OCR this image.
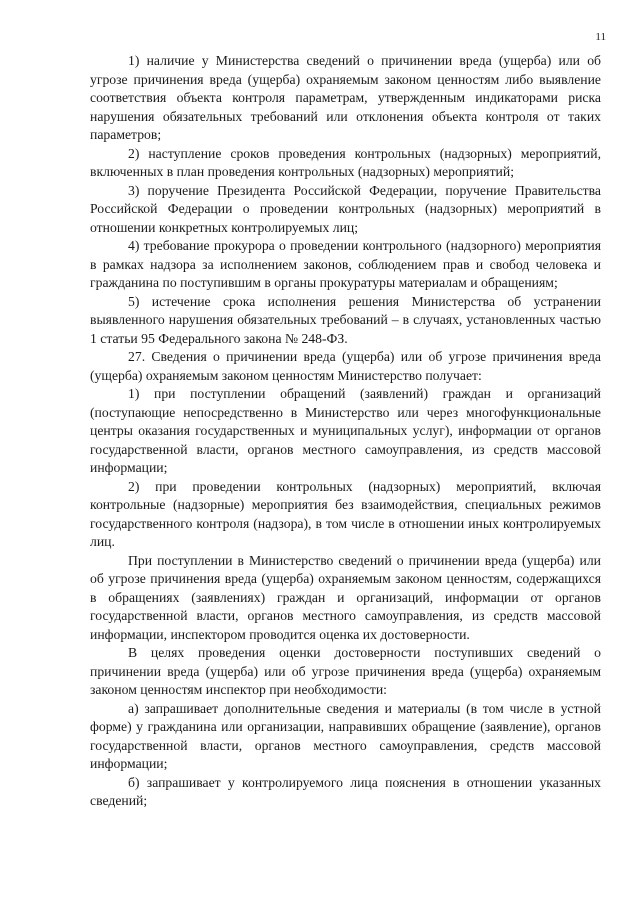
11

1) наличие у Министерства сведений о причинении вреда (ущерба) или об угрозе причинения вреда (ущерба) охраняемым законом ценностям либо выявление соответствия объекта контроля параметрам, утвержденным индикаторами риска нарушения обязательных требований или отклонения объекта контроля от таких параметров;

2) наступление сроков проведения контрольных (надзорных) мероприятий, включенных в план проведения контрольных (надзорных) мероприятий;

3) поручение Президента Российской Федерации, поручение Правительства Российской Федерации о проведении контрольных (надзорных) мероприятий в отношении конкретных контролируемых лиц;

4) требование прокурора о проведении контрольного (надзорного) мероприятия в рамках надзора за исполнением законов, соблюдением прав и свобод человека и гражданина по поступившим в органы прокуратуры материалам и обращениям;

5) истечение срока исполнения решения Министерства об устранении выявленного нарушения обязательных требований – в случаях, установленных частью 1 статьи 95 Федерального закона № 248-ФЗ.

27. Сведения о причинении вреда (ущерба) или об угрозе причинения вреда (ущерба) охраняемым законом ценностям Министерство получает:

1) при поступлении обращений (заявлений) граждан и организаций (поступающие непосредственно в Министерство или через многофункциональные центры оказания государственных и муниципальных услуг), информации от органов государственной власти, органов местного самоуправления, из средств массовой информации;

2) при проведении контрольных (надзорных) мероприятий, включая контрольные (надзорные) мероприятия без взаимодействия, специальных режимов государственного контроля (надзора), в том числе в отношении иных контролируемых лиц.

При поступлении в Министерство сведений о причинении вреда (ущерба) или об угрозе причинения вреда (ущерба) охраняемым законом ценностям, содержащихся в обращениях (заявлениях) граждан и организаций, информации от органов государственной власти, органов местного самоуправления, из средств массовой информации, инспектором проводится оценка их достоверности.

В целях проведения оценки достоверности поступивших сведений о причинении вреда (ущерба) или об угрозе причинения вреда (ущерба) охраняемым законом ценностям инспектор при необходимости:

а) запрашивает дополнительные сведения и материалы (в том числе в устной форме) у гражданина или организации, направивших обращение (заявление), органов государственной власти, органов местного самоуправления, средств массовой информации;

б) запрашивает у контролируемого лица пояснения в отношении указанных сведений;
